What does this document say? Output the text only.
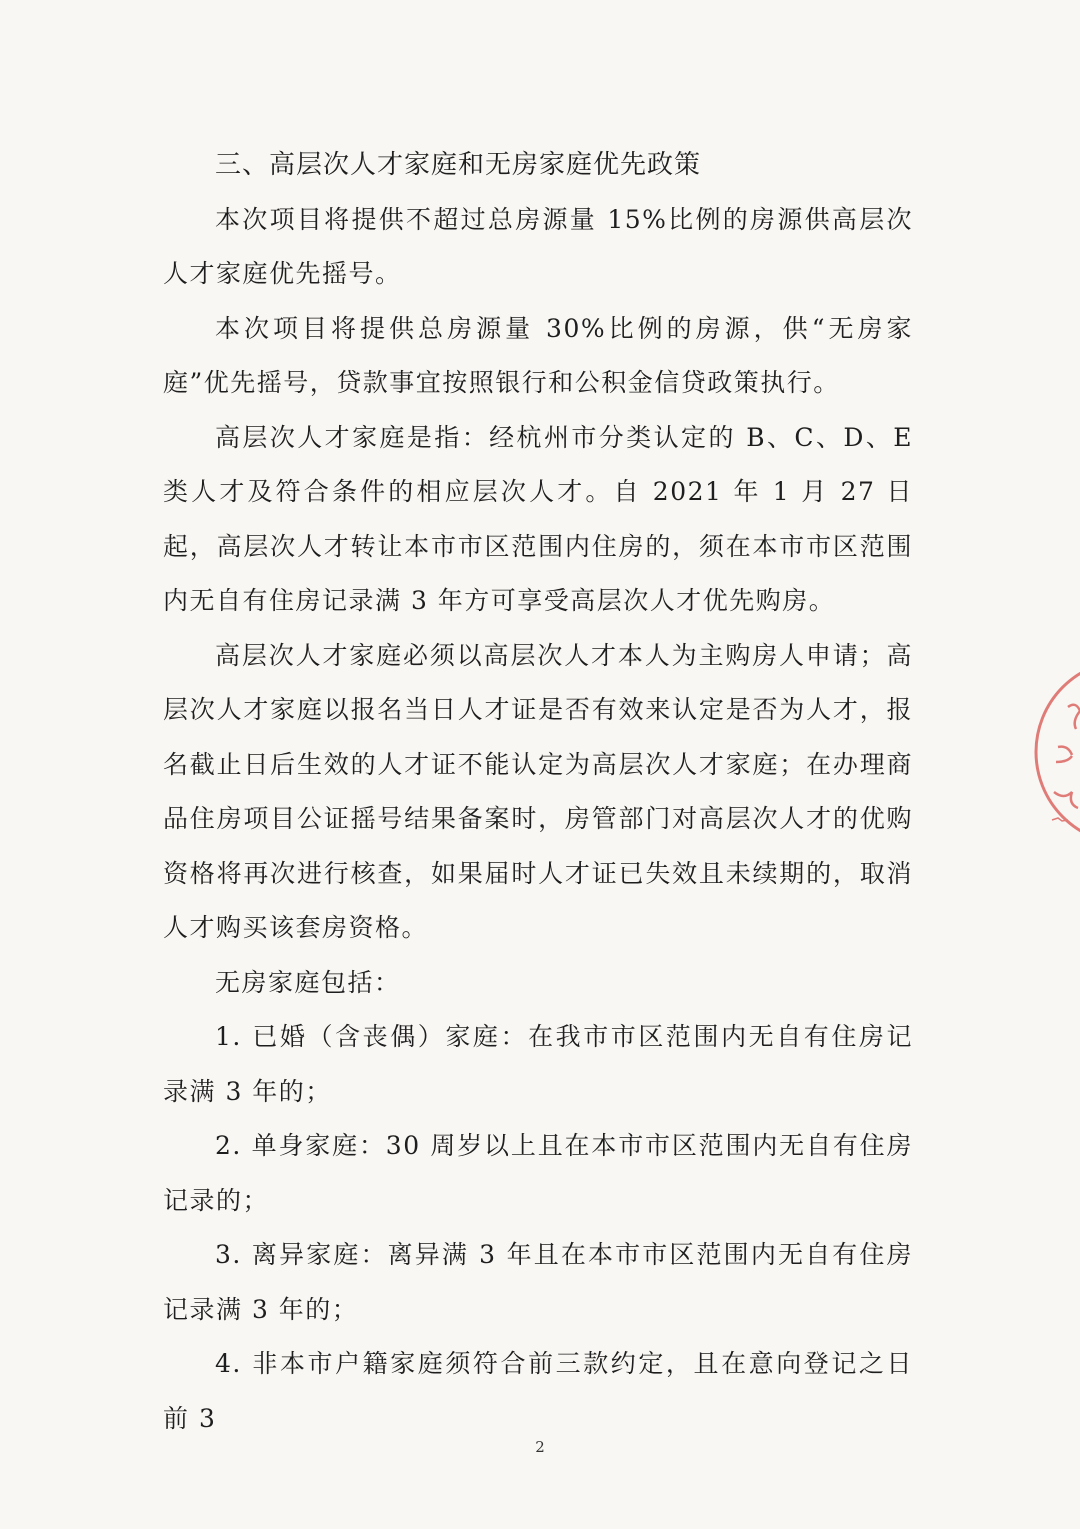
三、高层次人才家庭和无房家庭优先政策

本次项目将提供不超过总房源量 15%比例的房源供高层次人才家庭优先摇号。

本次项目将提供总房源量 30%比例的房源，供“无房家庭”优先摇号，贷款事宜按照银行和公积金信贷政策执行。

高层次人才家庭是指：经杭州市分类认定的 B、C、D、E 类人才及符合条件的相应层次人才。自 2021 年 1 月 27 日起，高层次人才转让本市市区范围内住房的，须在本市市区范围内无自有住房记录满 3 年方可享受高层次人才优先购房。

高层次人才家庭必须以高层次人才本人为主购房人申请；高层次人才家庭以报名当日人才证是否有效来认定是否为人才，报名截止日后生效的人才证不能认定为高层次人才家庭；在办理商品住房项目公证摇号结果备案时，房管部门对高层次人才的优购资格将再次进行核查，如果届时人才证已失效且未续期的，取消人才购买该套房资格。

无房家庭包括：

1. 已婚（含丧偶）家庭：在我市市区范围内无自有住房记录满 3 年的；

2. 单身家庭：30 周岁以上且在本市市区范围内无自有住房记录的；

3. 离异家庭：离异满 3 年且在本市市区范围内无自有住房记录满 3 年的；

4. 非本市户籍家庭须符合前三款约定，且在意向登记之日前 3

2
